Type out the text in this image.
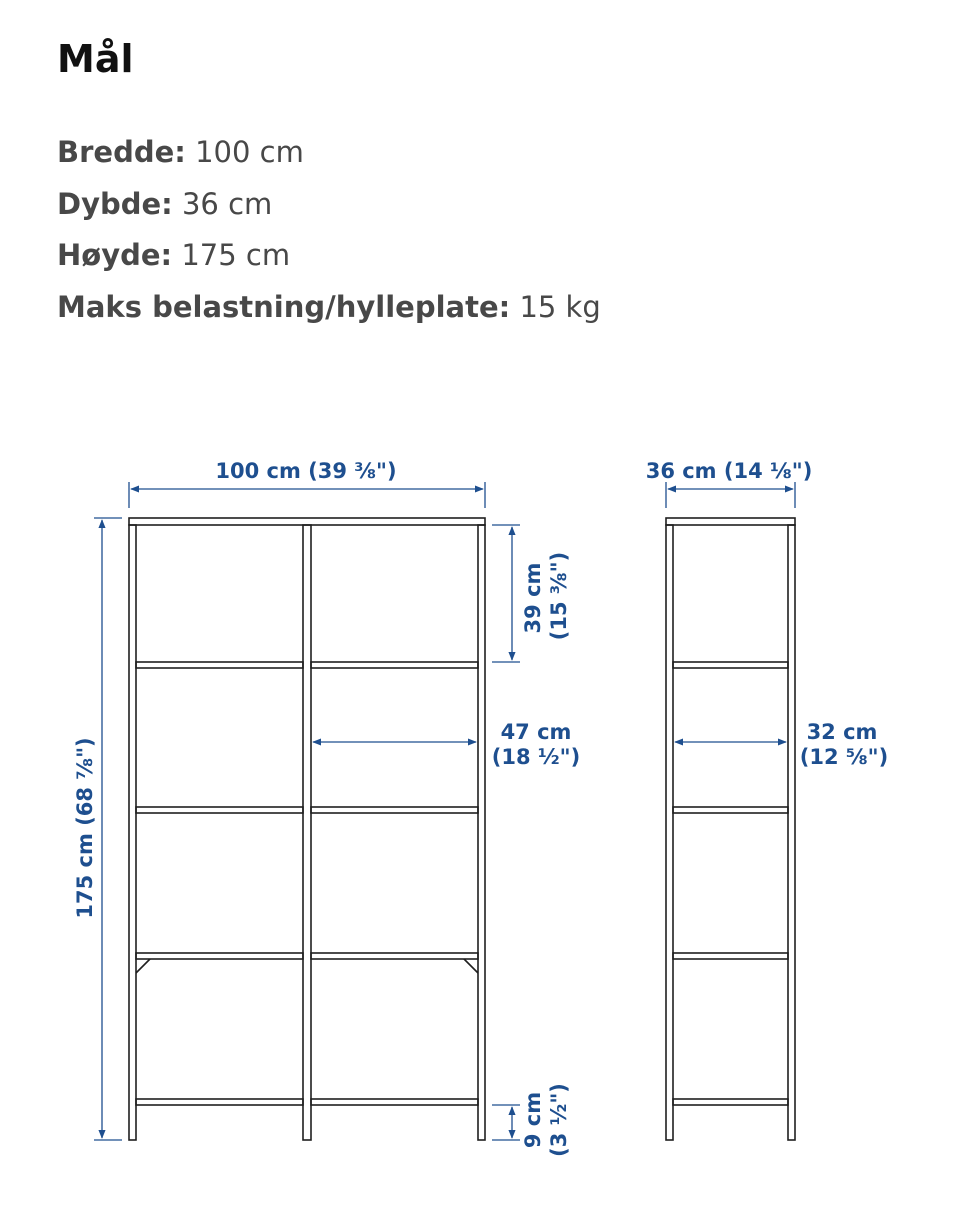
Mål
Bredde: 100 cm
Dybde: 36 cm
Høyde: 175 cm
Maks belastning/hylleplate: 15 kg
100 cm (39 ⅜")
175 cm (68 ⅞")
39 cm (15 ⅜")
47 cm
(18 ½")
9 cm (3 ½")
36 cm (14 ⅛")
32 cm
(12 ⅝")
